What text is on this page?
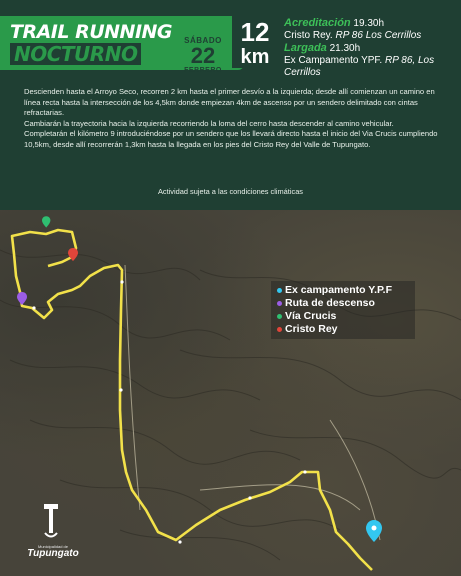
TRAIL RUNNING
NOCTURNO
SÁBADO
22
FEBRERO
12
km
Acreditación 19.30h
Cristo Rey. RP 86 Los Cerrillos
Largada 21.30h
Ex Campamento YPF. RP 86, Los Cerrillos

Descienden hasta el Arroyo Seco, recorren 2 km hasta el primer desvío a la izquierda; desde allí comienzan un camino en línea recta hasta la intersección de los 4,5km donde empiezan 4km de ascenso por un sendero delimitado con cintas refractarias.

Cambiarán la trayectoria hacia la izquierda recorriendo la loma del cerro hasta descender al camino vehicular.

Completarán el kilómetro 9 introduciéndose por un sendero que los llevará directo hasta el inicio del Via Crucis cumpliendo 10,5km, desde allí recorrerán 1,3km hasta la llegada en los pies del Cristo Rey del Valle de Tupungato.

Actividad sujeta a las condiciones climáticas
Ex campamento Y.P.F
Ruta de descenso
Vía Crucis
Cristo Rey
Municipalidad de
Tupungato
